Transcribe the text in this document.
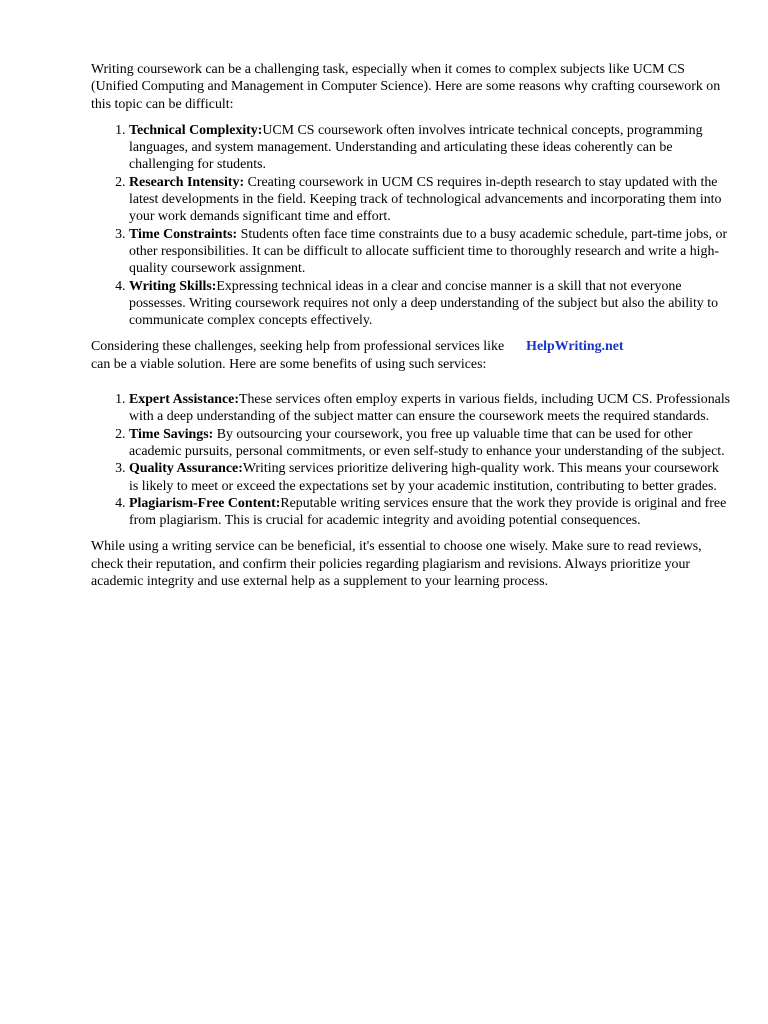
Writing coursework can be a challenging task, especially when it comes to complex subjects like UCM CS (Unified Computing and Management in Computer Science). Here are some reasons why crafting coursework on this topic can be difficult:

1. Technical Complexity:UCM CS coursework often involves intricate technical concepts, programming languages, and system management. Understanding and articulating these ideas coherently can be challenging for students.
2. Research Intensity: Creating coursework in UCM CS requires in-depth research to stay updated with the latest developments in the field. Keeping track of technological advancements and incorporating them into your work demands significant time and effort.
3. Time Constraints: Students often face time constraints due to a busy academic schedule, part-time jobs, or other responsibilities. It can be difficult to allocate sufficient time to thoroughly research and write a high-quality coursework assignment.
4. Writing Skills:Expressing technical ideas in a clear and concise manner is a skill that not everyone possesses. Writing coursework requires not only a deep understanding of the subject but also the ability to communicate complex concepts effectively.

Considering these challenges, seeking help from professional services like HelpWriting.net
can be a viable solution. Here are some benefits of using such services:

1. Expert Assistance:These services often employ experts in various fields, including UCM CS. Professionals with a deep understanding of the subject matter can ensure the coursework meets the required standards.
2. Time Savings: By outsourcing your coursework, you free up valuable time that can be used for other academic pursuits, personal commitments, or even self-study to enhance your understanding of the subject.
3. Quality Assurance:Writing services prioritize delivering high-quality work. This means your coursework is likely to meet or exceed the expectations set by your academic institution, contributing to better grades.
4. Plagiarism-Free Content:Reputable writing services ensure that the work they provide is original and free from plagiarism. This is crucial for academic integrity and avoiding potential consequences.

While using a writing service can be beneficial, it's essential to choose one wisely. Make sure to read reviews, check their reputation, and confirm their policies regarding plagiarism and revisions. Always prioritize your academic integrity and use external help as a supplement to your learning process.
